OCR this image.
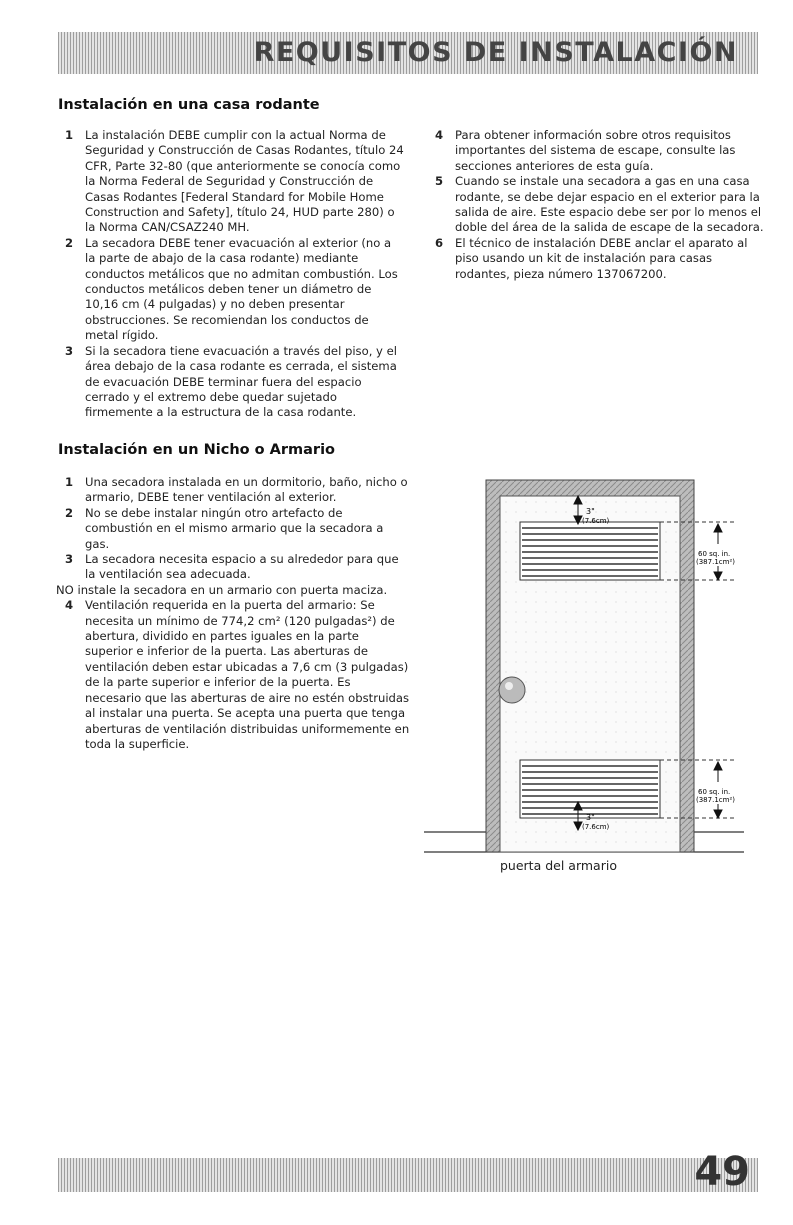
REQUISITOS DE INSTALACIÓN
Instalación en una casa rodante
1 La instalación DEBE cumplir con la actual Norma de Seguridad y Construcción de Casas Rodantes, título 24 CFR, Parte 32-80 (que anteriormente se conocía como la Norma Federal de Seguridad y Construcción de Casas Rodantes [Federal Standard for Mobile Home Construction and Safety], título 24, HUD parte 280) o la Norma CAN/CSAZ240 MH.
2 La secadora DEBE tener evacuación al exterior (no a la parte de abajo de la casa rodante) mediante conductos metálicos que no admitan combustión. Los conductos metálicos deben tener un diámetro de 10,16 cm (4 pulgadas) y no deben presentar obstrucciones. Se recomiendan los conductos de metal rígido.
3 Si la secadora tiene evacuación a través del piso, y el área debajo de la casa rodante es cerrada, el sistema de evacuación DEBE terminar fuera del espacio cerrado y el extremo debe quedar sujetado firmemente a la estructura de la casa rodante.
4 Para obtener información sobre otros requisitos importantes del sistema de escape, consulte las secciones anteriores de esta guía.
5 Cuando se instale una secadora a gas en una casa rodante, se debe dejar espacio en el exterior para la salida de aire. Este espacio debe ser por lo menos el doble del área de la salida de escape de la secadora.
6 El técnico de instalación DEBE anclar el aparato al piso usando un kit de instalación para casas rodantes, pieza número 137067200.
Instalación en un Nicho o Armario
1 Una secadora instalada en un dormitorio, baño, nicho o armario, DEBE tener ventilación al exterior.
2 No se debe instalar ningún otro artefacto de combustión en el mismo armario que la secadora a gas.
3 La secadora necesita espacio a su alrededor para que la ventilación sea adecuada.

NO instale la secadora en un armario con puerta maciza.

4 Ventilación requerida en la puerta del armario: Se necesita un mínimo de 774,2 cm² (120 pulgadas²) de abertura, dividido en partes iguales en la parte superior e inferior de la puerta. Las aberturas de ventilación deben estar ubicadas a 7,6 cm (3 pulgadas) de la parte superior e inferior de la puerta. Es necesario que las aberturas de aire no estén obstruidas al instalar una puerta. Se acepta una puerta que tenga aberturas de ventilación distribuidas uniformemente en toda la superficie.
3"
(7.6cm)
3"
(7.6cm)
60 sq. in.
(387.1cm²)
60 sq. in.
(387.1cm²)
puerta del armario
49
